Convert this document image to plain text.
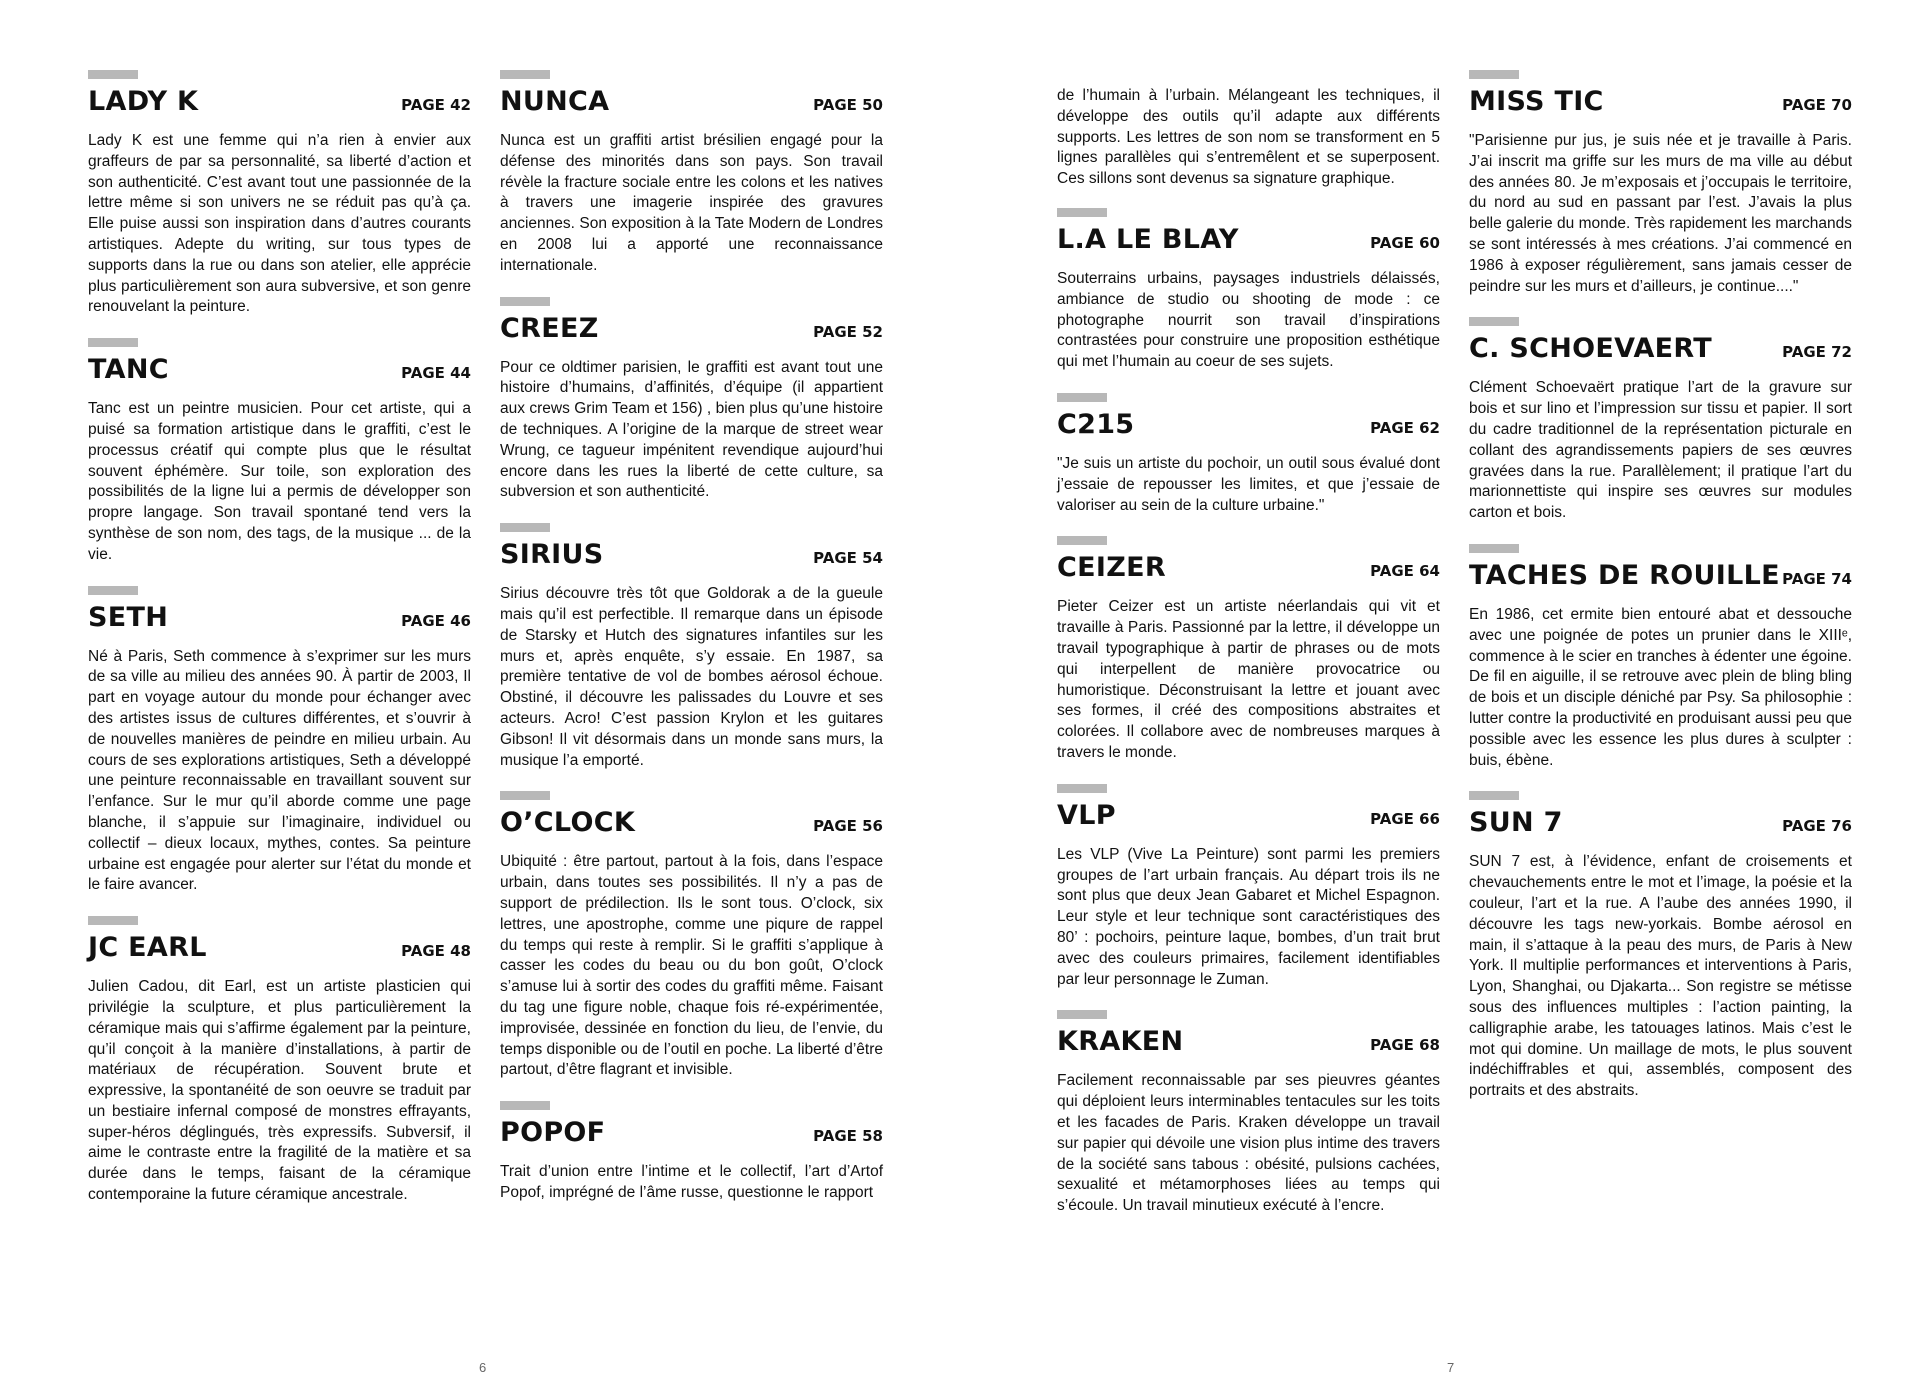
LADY K	PAGE 42

Lady K est une femme qui n’a rien à envier aux graffeurs de par sa personnalité, sa liberté d’action et son authenticité. C’est avant tout une passionnée de la lettre même si son univers ne se réduit pas qu’à ça. Elle puise aussi son inspiration dans d’autres courants artistiques. Adepte du writing, sur tous types de supports dans la rue ou dans son atelier, elle apprécie plus particulièrement son aura subversive, et son genre renouvelant la peinture.

TANC	PAGE 44

Tanc est un peintre musicien. Pour cet artiste, qui a puisé sa formation artistique dans le graffiti, c’est le processus créatif qui compte plus que le résultat souvent éphémère. Sur toile, son exploration des possibilités de la ligne lui a permis de développer son propre langage. Son travail spontané tend vers la synthèse de son nom, des tags, de la musique ... de la vie.

SETH	PAGE 46

Né à Paris, Seth commence à s’exprimer sur les murs de sa ville au milieu des années 90. À partir de 2003, Il part en voyage autour du monde pour échanger avec des artistes issus de cultures différentes, et s’ouvrir à de nouvelles manières de peindre en milieu urbain. Au cours de ses explorations artistiques, Seth a développé une peinture reconnaissable en travaillant souvent sur l’enfance. Sur le mur qu’il aborde comme une page blanche, il s’appuie sur l’imaginaire, individuel ou collectif – dieux locaux, mythes, contes. Sa peinture urbaine est engagée pour alerter sur l’état du monde et le faire avancer.

JC EARL	PAGE 48

Julien Cadou, dit Earl, est un artiste plasticien qui privilégie la sculpture, et plus particulièrement la céramique mais qui s’affirme également par la peinture, qu’il conçoit à la manière d’installations, à partir de matériaux de récupération. Souvent brute et expressive, la spontanéité de son oeuvre se traduit par un bestiaire infernal composé de monstres effrayants, super-héros déglingués, très expressifs. Subversif, il aime le contraste entre la fragilité de la matière et sa durée dans le temps, faisant de la céramique contemporaine la future céramique ancestrale.

NUNCA	PAGE 50

Nunca est un graffiti artist brésilien engagé pour la défense des minorités dans son pays. Son travail révèle la fracture sociale entre les colons et les natives à travers une imagerie inspirée des gravures anciennes. Son exposition à la Tate Modern de Londres en 2008 lui a apporté une reconnaissance internationale.

CREEZ	PAGE 52

Pour ce oldtimer parisien, le graffiti est avant tout une histoire d’humains, d’affinités, d’équipe (il appartient aux crews Grim Team et 156) , bien plus qu’une histoire de techniques. A l’origine de la marque de street wear Wrung, ce tagueur impénitent revendique aujourd’hui encore dans les rues la liberté de cette culture, sa subversion et son authenticité.

SIRIUS	PAGE 54

Sirius découvre très tôt que Goldorak a de la gueule mais qu’il est perfectible. Il remarque dans un épisode de Starsky et Hutch des signatures infantiles sur les murs et, après enquête, s’y essaie. En 1987, sa première tentative de vol de bombes aérosol échoue. Obstiné, il découvre les palissades du Louvre et ses acteurs. Acro! C’est passion Krylon et les guitares Gibson! Il vit désormais dans un monde sans murs, la musique l’a emporté.

O’CLOCK	PAGE 56

Ubiquité : être partout, partout à la fois, dans l’espace urbain, dans toutes ses possibilités. Il n’y a pas de support de prédilection. Ils le sont tous. O’clock, six lettres, une apostrophe, comme une piqure de rappel du temps qui reste à remplir. Si le graffiti s’applique à casser les codes du beau ou du bon goût, O’clock s’amuse lui à sortir des codes du graffiti même. Faisant du tag une figure noble, chaque fois ré-expérimentée, improvisée, dessinée en fonction du lieu, de l’envie, du temps disponible ou de l’outil en poche. La liberté d’être partout, d’être flagrant et invisible.

POPOF	PAGE 58

Trait d’union entre l’intime et le collectif, l’art d’Artof Popof, imprégné de l’âme russe, questionne le rapport

6

de l’humain à l’urbain. Mélangeant les techniques, il développe des outils qu’il adapte aux différents supports. Les lettres de son nom se transforment en 5 lignes parallèles qui s’entremêlent et se superposent. Ces sillons sont devenus sa signature graphique.

L.A LE BLAY	PAGE 60

Souterrains urbains, paysages industriels délaissés, ambiance de studio ou shooting de mode : ce photographe nourrit son travail d’inspirations contrastées pour construire une proposition esthétique qui met l’humain au coeur de ses sujets.

C215	PAGE 62

"Je suis un artiste du pochoir, un outil sous évalué dont j’essaie de repousser les limites, et que j’essaie de valoriser au sein de la culture urbaine."

CEIZER	PAGE 64

Pieter Ceizer est un artiste néerlandais qui vit et travaille à Paris. Passionné par la lettre, il développe un travail typographique à partir de phrases ou de mots qui interpellent de manière provocatrice ou humoristique. Déconstruisant la lettre et jouant avec ses formes, il créé des compositions abstraites et colorées. Il collabore avec de nombreuses marques à travers le monde.

VLP	PAGE 66

Les VLP (Vive La Peinture) sont parmi les premiers groupes de l’art urbain français. Au départ trois ils ne sont plus que deux Jean Gabaret et Michel Espagnon. Leur style et leur technique sont caractéristiques des 80’ : pochoirs, peinture laque, bombes, d’un trait brut avec des couleurs primaires, facilement identifiables par leur personnage le Zuman.

KRAKEN	PAGE 68

Facilement reconnaissable par ses pieuvres géantes qui déploient leurs interminables tentacules sur les toits et les facades de Paris. Kraken développe un travail sur papier qui dévoile une vision plus intime des travers de la société sans tabous : obésité, pulsions cachées, sexualité et métamorphoses liées au temps qui s’écoule. Un travail minutieux exécuté à l’encre.

MISS TIC	PAGE 70

"Parisienne pur jus, je suis née et je travaille à Paris. J’ai inscrit ma griffe sur les murs de ma ville au début des années 80. Je m’exposais et j’occupais le territoire, du nord au sud en passant par l’est. J’avais la plus belle galerie du monde. Très rapidement les marchands se sont intéressés à mes créations. J’ai commencé en 1986 à exposer régulièrement, sans jamais cesser de peindre sur les murs et d’ailleurs, je continue...."

C. SCHOEVAERT	PAGE 72

Clément Schoevaërt pratique l’art de la gravure sur bois et sur lino et l’impression sur tissu et papier. Il sort du cadre traditionnel de la représentation picturale en collant des agrandissements papiers de ses œuvres gravées dans la rue. Parallèlement; il pratique l’art du marionnettiste qui inspire ses œuvres sur modules carton et bois.

TACHES DE ROUILLE PAGE 74

En 1986, cet ermite bien entouré abat et dessouche avec une poignée de potes un prunier dans le XIIIᵉ, commence à le scier en tranches à édenter une égoine. De fil en aiguille, il se retrouve avec plein de bling bling de bois et un disciple déniché par Psy. Sa philosophie : lutter contre la productivité en produisant aussi peu que possible avec les essence les plus dures à sculpter : buis, ébène.

SUN 7	PAGE 76

SUN 7 est, à l’évidence, enfant de croisements et chevauchements entre le mot et l’image, la poésie et la couleur, l’art et la rue. A l’aube des années 1990, il découvre les tags new-yorkais. Bombe aérosol en main, il s’attaque à la peau des murs, de Paris à New York. Il multiplie performances et interventions à Paris, Lyon, Shanghai, ou Djakarta... Son registre se métisse sous des influences multiples : l’action painting, la calligraphie arabe, les tatouages latinos. Mais c’est le mot qui domine. Un maillage de mots, le plus souvent indéchiffrables et qui, assemblés, composent des portraits et des abstraits.

7
